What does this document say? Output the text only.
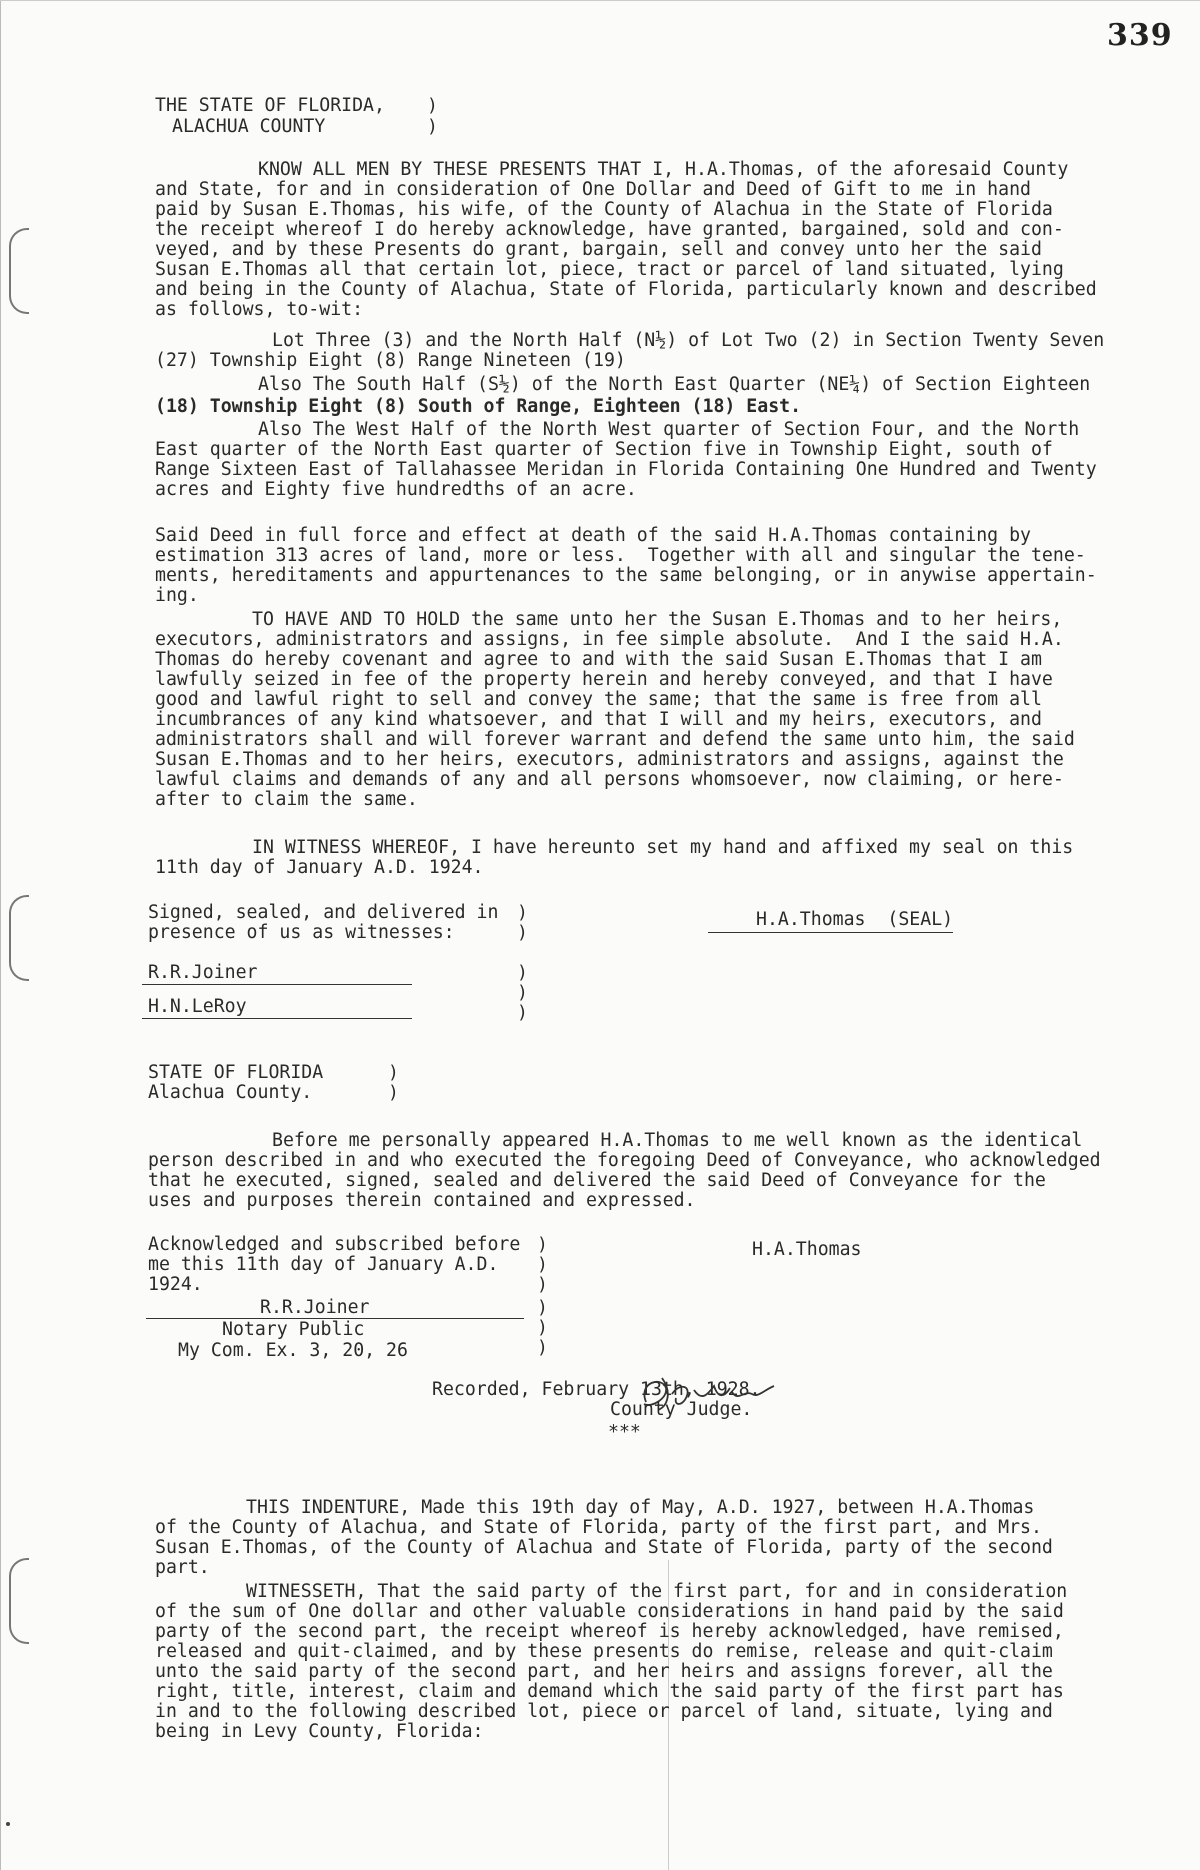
339
THE STATE OF FLORIDA,
ALACHUA COUNTY
)
)
KNOW ALL MEN BY THESE PRESENTS THAT I, H.A.Thomas, of the aforesaid County
and State, for and in consideration of One Dollar and Deed of Gift to me in hand
paid by Susan E.Thomas, his wife, of the County of Alachua in the State of Florida
the receipt whereof I do hereby acknowledge, have granted, bargained, sold and con-
veyed, and by these Presents do grant, bargain, sell and convey unto her the said
Susan E.Thomas all that certain lot, piece, tract or parcel of land situated, lying
and being in the County of Alachua, State of Florida, particularly known and described
as follows, to-wit:
Lot Three (3) and the North Half (N½) of Lot Two (2) in Section Twenty Seven
(27) Township Eight (8) Range Nineteen (19)
Also The South Half (S½) of the North East Quarter (NE¼) of Section Eighteen
(18) Township Eight (8) South of Range, Eighteen (18) East.
Also The West Half of the North West quarter of Section Four, and the North
East quarter of the North East quarter of Section five in Township Eight, south of
Range Sixteen East of Tallahassee Meridan in Florida Containing One Hundred and Twenty
acres and Eighty five hundredths of an acre.
Said Deed in full force and effect at death of the said H.A.Thomas containing by
estimation 313 acres of land, more or less.  Together with all and singular the tene-
ments, hereditaments and appurtenances to the same belonging, or in anywise appertain-
ing.
TO HAVE AND TO HOLD the same unto her the Susan E.Thomas and to her heirs,
executors, administrators and assigns, in fee simple absolute.  And I the said H.A.
Thomas do hereby covenant and agree to and with the said Susan E.Thomas that I am
lawfully seized in fee of the property herein and hereby conveyed, and that I have
good and lawful right to sell and convey the same; that the same is free from all
incumbrances of any kind whatsoever, and that I will and my heirs, executors, and
administrators shall and will forever warrant and defend the same unto him, the said
Susan E.Thomas and to her heirs, executors, administrators and assigns, against the
lawful claims and demands of any and all persons whomsoever, now claiming, or here-
after to claim the same.
IN WITNESS WHEREOF, I have hereunto set my hand and affixed my seal on this
11th day of January A.D. 1924.
Signed, sealed, and delivered in
presence of us as witnesses:
)
)
)
)
)
R.R.Joiner
H.N.LeRoy
H.A.Thomas  (SEAL)
STATE OF FLORIDA
Alachua County.
)
)
Before me personally appeared H.A.Thomas to me well known as the identical
person described in and who executed the foregoing Deed of Conveyance, who acknowledged
that he executed, signed, sealed and delivered the said Deed of Conveyance for the
uses and purposes therein contained and expressed.
Acknowledged and subscribed before
me this 11th day of January A.D.
1924.
)
)
)
)
)
)
H.A.Thomas
R.R.Joiner
Notary Public
My Com. Ex. 3, 20, 26
Recorded, February 13th, 1928.
County Judge.
***
THIS INDENTURE, Made this 19th day of May, A.D. 1927, between H.A.Thomas
of the County of Alachua, and State of Florida, party of the first part, and Mrs.
Susan E.Thomas, of the County of Alachua and State of Florida, party of the second
part.
WITNESSETH, That the said party of the first part, for and in consideration
of the sum of One dollar and other valuable considerations in hand paid by the said
party of the second part, the receipt whereof is hereby acknowledged, have remised,
released and quit-claimed, and by these presents do remise, release and quit-claim
unto the said party of the second part, and her heirs and assigns forever, all the
right, title, interest, claim and demand which the said party of the first part has
in and to the following described lot, piece or parcel of land, situate, lying and
being in Levy County, Florida:
